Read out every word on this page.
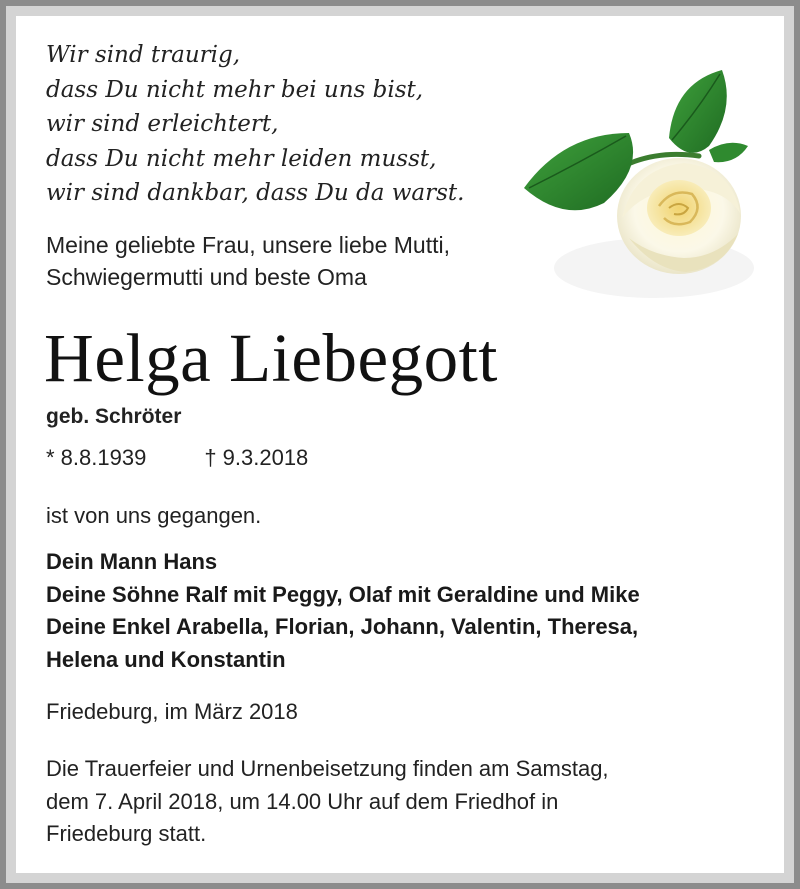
Wir sind traurig,
dass Du nicht mehr bei uns bist,
wir sind erleichtert,
dass Du nicht mehr leiden musst,
wir sind dankbar, dass Du da warst.
Meine geliebte Frau, unsere liebe Mutti,
Schwiegermutti und beste Oma
Helga Liebegott
geb. Schröter
* 8.8.1939	† 9.3.2018
ist von uns gegangen.
Dein Mann Hans
Deine Söhne Ralf mit Peggy, Olaf mit Geraldine und Mike
Deine Enkel Arabella, Florian, Johann, Valentin, Theresa,
Helena und Konstantin
Friedeburg, im März 2018
Die Trauerfeier und Urnenbeisetzung finden am Samstag,
dem 7. April 2018, um 14.00 Uhr auf dem Friedhof in
Friedeburg statt.
